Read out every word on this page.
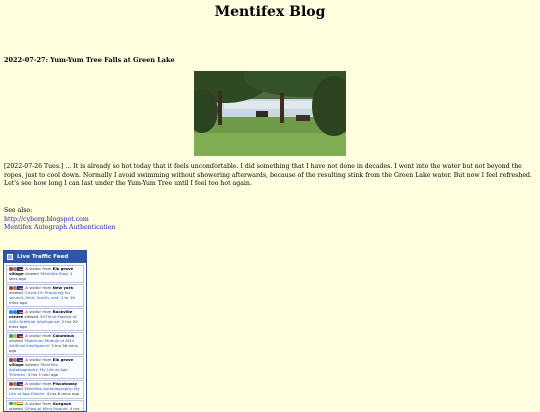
Mentifex Blog
2022-07-27: Yum-Yum Tree Falls at Green Lake
[2022-07-26 Tues.] ... It is already so hot today that it feels uncomfortable. I did something that I have not done in decades. I went into the water but not beyond the ropes, just to cool down. Normally I avoid swimming without showering afterwards, because of the resulting stink from the Green Lake water. But now I feel refreshed. Let's see how long I can last under the Yum-Yum Tree until I feel too hot again.
See also:
http://cyborg.blogspot.com
Mentifex Autograph Authentication
Live Traffic Feed
A visitor from Elk grove village viewed 'Mentifex Blog' 1 secs ago
A visitor from New york viewed 'Covid-19: Preparing for second, third, fourth, and' 1 hr 10 mins ago
A visitor from Rockville centre viewed 'EnThink Module of AI4U Artificial Intelligence' 2 hrs 20 mins ago
A visitor from Columbus viewed 'Motorium Module of AI4U Artificial Intelligence' 3 hrs 56 mins ago
A visitor from Elk grove village viewed 'Mentifex Autobiography: My Life at Age Thirteen' 4 hrs 1 min ago
A visitor from Piscataway viewed 'Mentifex Autobiography: My Life at Age Eleven' 4 hrs 6 mins ago
A visitor from Gurgaon viewed 'Ghost.pl Mind Module' 4 hrs
